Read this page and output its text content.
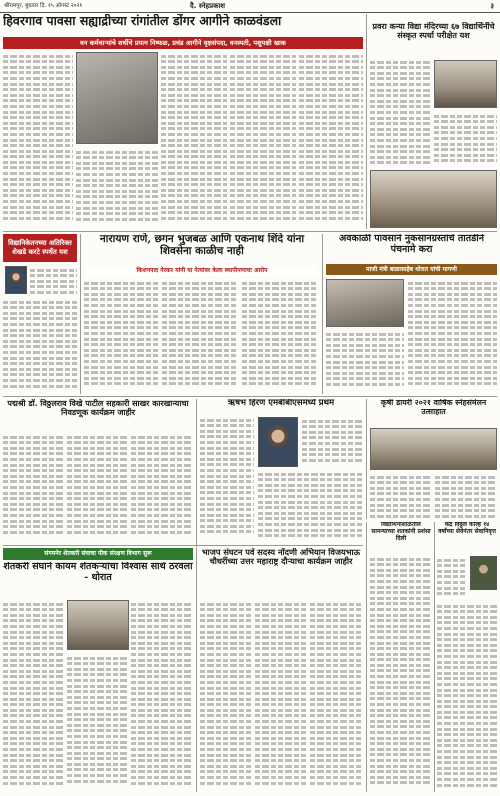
श्रीरामपूर, बुधवार दि. १५ ऑगस्ट २०२१	दै. स्नेहप्रकाश	३
हिवरगाव पावसा सह्याद्रीच्या रांगांतील डोंगर आगीने काळवंडला
वन कर्मचाऱ्यांचे शर्थीचे प्रयत्न निष्फळ, प्रचंड आगीने वृक्षसंपदा, वनस्पती, पशुपक्षी खाक
प्रवरा कन्या विद्या मंदिरच्या ६७ विद्यार्थिनींचे संस्कृत स्पर्धा परीक्षेत यश
विद्यानिकेतनच्या अतिरिक्त शेखडे करटे स्पर्धेत यश
नारायण राणे, छगन भुजबळ आणि एकनाथ शिंदे यांना शिवसेना काळीच नाही
किशनपाद नेरकर यांनी या नेत्यांवर केला स्थापीपणाचा आरोप
अवकाळी पावसाने नुकसानग्रस्तांचे तातडीने पंचनामे करा
माजी मंत्री बाळासाहेब थोरात यांची मागणी
पद्मश्री डॉ. विठ्ठलराव विखे पाटील सहकारी साखर कारखान्याचा निवडणूक कार्यक्रम जाहीर
ऋषभ हिरण एमबीबीएसमध्ये प्रथम	कृषी डायरी २०२१ वार्षिक स्नेहसंमेलन उत्साहात
संगमनेर शेतकरी संघाचा पीक संरक्षण विभाग सुरू
शेतकरी संघाने कायम शेतकऱ्यांचा विश्वास सार्थ ठरवला - थोरात
भाजप संघटन पर्व सदस्य नोंदणी अभियान विजयभाऊ चौधरींच्या उत्तर महाराष्ट्र दौऱ्याचा कार्यक्रम जाहीर
विद्यार्थिनीशाळेतील सामन्याच्या शतकांनी प्रशंसा दिली
केंद्रे विठ्ठल कोल्हे १४ वर्षांच्या सेवेनंतर सेवानिवृत्त
